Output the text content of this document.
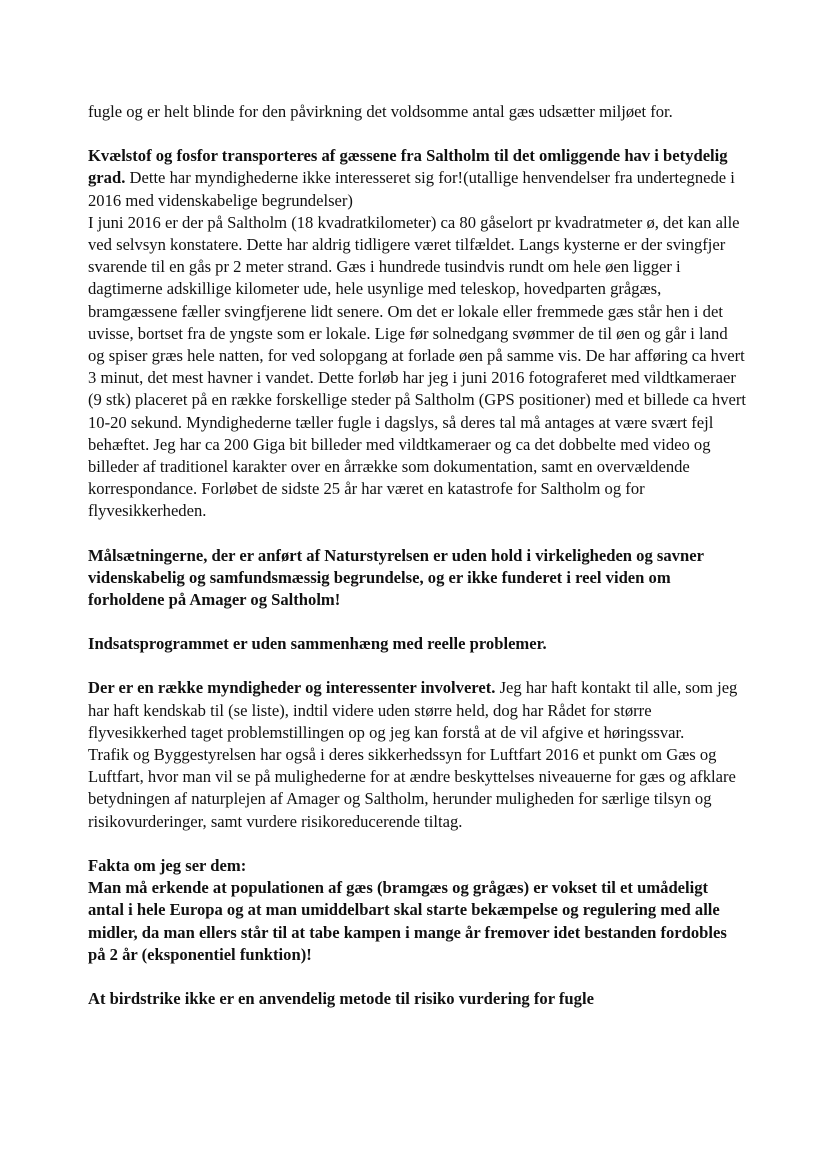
fugle og er helt blinde for den påvirkning det voldsomme antal gæs udsætter miljøet for.

Kvælstof og fosfor transporteres af gæssene fra Saltholm til det omliggende hav i betydelig grad. Dette har myndighederne ikke interesseret sig for!(utallige henvendelser fra undertegnede i 2016 med videnskabelige begrundelser)

I juni 2016 er der på Saltholm (18 kvadratkilometer) ca 80 gåselort pr kvadratmeter ø, det kan alle ved selvsyn konstatere. Dette har aldrig tidligere været tilfældet. Langs kysterne er der svingfjer svarende til en gås pr 2 meter strand. Gæs i hundrede tusindvis rundt om hele øen ligger i dagtimerne adskillige kilometer ude, hele usynlige med teleskop, hovedparten grågæs, bramgæssene fæller svingfjerene lidt senere. Om det er lokale eller fremmede gæs står hen i det uvisse, bortset fra de yngste som er lokale. Lige før solnedgang svømmer de til øen og går i land og spiser græs hele natten, for ved solopgang at forlade øen på samme vis. De har afføring ca hvert 3 minut, det mest havner i vandet. Dette forløb har jeg i juni 2016 fotograferet med vildtkameraer (9 stk) placeret på en række forskellige steder på Saltholm (GPS positioner) med et billede ca hvert 10-20 sekund. Myndighederne tæller fugle i dagslys, så deres tal må antages at være svært fejl behæftet. Jeg har ca 200 Giga bit billeder med vildtkameraer og ca det dobbelte med video og billeder af traditionel karakter over en årrække som dokumentation, samt en overvældende korrespondance. Forløbet de sidste 25 år har været en katastrofe for Saltholm og for flyvesikkerheden.

Målsætningerne, der er anført af Naturstyrelsen er uden hold i virkeligheden og savner videnskabelig og samfundsmæssig begrundelse, og er ikke funderet i reel viden om forholdene på Amager og Saltholm!

Indsatsprogrammet er uden sammenhæng med reelle problemer.

Der er en række myndigheder og interessenter involveret. Jeg har haft kontakt til alle, som jeg har haft kendskab til (se liste), indtil videre uden større held, dog har Rådet for større flyvesikkerhed taget problemstillingen op og jeg kan forstå at de vil afgive et høringssvar.

Trafik og Byggestyrelsen har også i deres sikkerhedssyn for Luftfart 2016 et punkt om Gæs og Luftfart, hvor man vil se på mulighederne for at ændre beskyttelses niveauerne for gæs og afklare betydningen af naturplejen af Amager og Saltholm, herunder muligheden for særlige tilsyn og risikovurderinger, samt vurdere risikoreducerende tiltag.

Fakta om jeg ser dem:

Man må erkende at populationen af gæs (bramgæs og grågæs) er vokset til et umådeligt antal i hele Europa og at man umiddelbart skal starte bekæmpelse og regulering med alle midler, da man ellers står til at tabe kampen i mange år fremover idet bestanden fordobles på 2 år (eksponentiel funktion)!

At birdstrike ikke er en anvendelig metode til risiko vurdering for fugle
